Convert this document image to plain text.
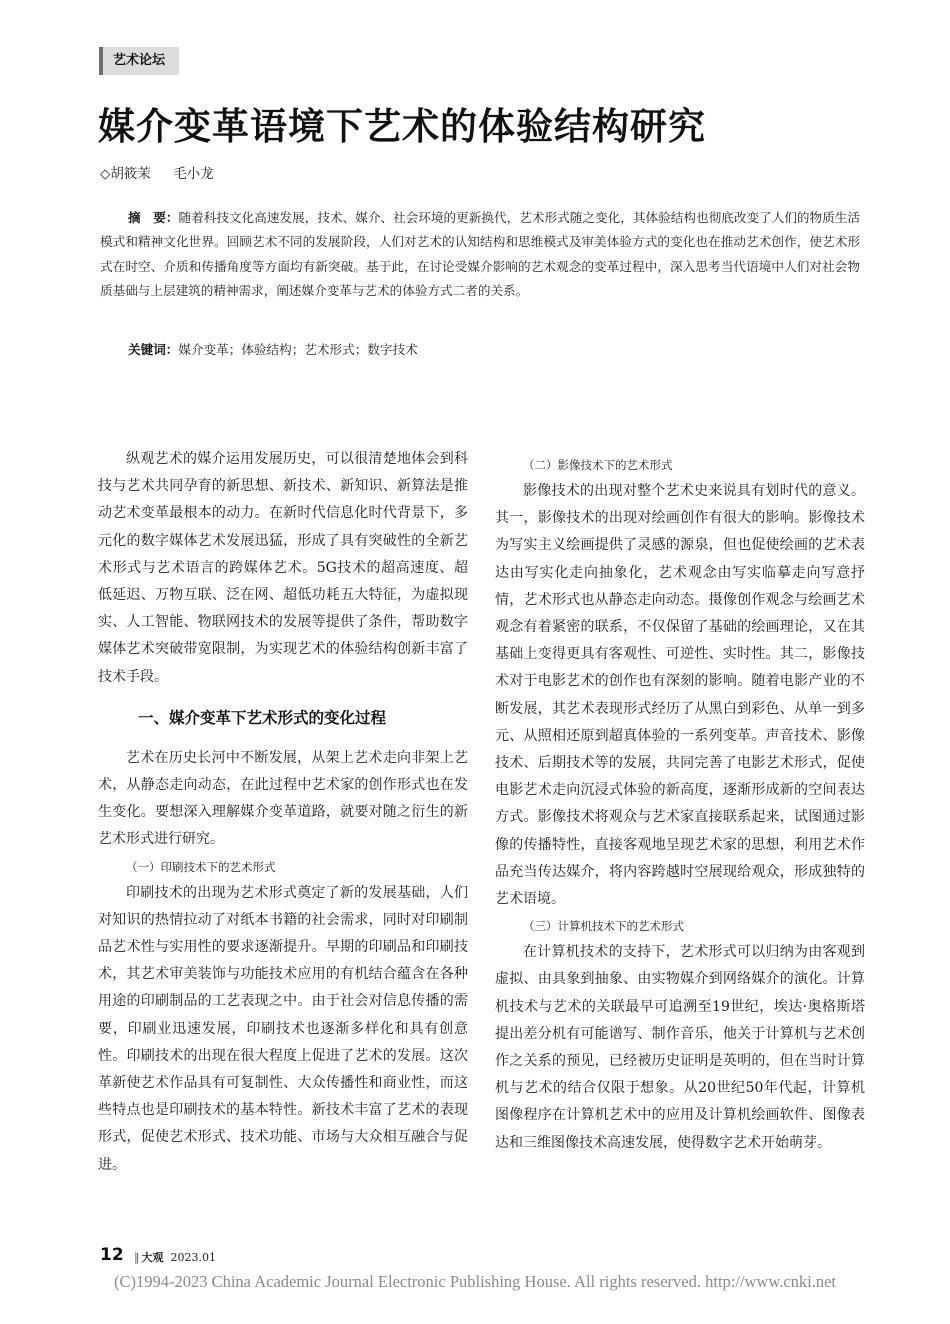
艺术论坛
媒介变革语境下艺术的体验结构研究
◇胡筱茉 毛小龙
摘　要：随着科技文化高速发展，技术、媒介、社会环境的更新换代，艺术形式随之变化，其体验结构也彻底改变了人们的物质生活模式和精神文化世界。回顾艺术不同的发展阶段，人们对艺术的认知结构和思维模式及审美体验方式的变化也在推动艺术创作，使艺术形式在时空、介质和传播角度等方面均有新突破。基于此，在讨论受媒介影响的艺术观念的变革过程中，深入思考当代语境中人们对社会物质基础与上层建筑的精神需求，阐述媒介变革与艺术的体验方式二者的关系。
关键词：媒介变革；体验结构；艺术形式；数字技术

纵观艺术的媒介运用发展历史，可以很清楚地体会到科技与艺术共同孕育的新思想、新技术、新知识、新算法是推动艺术变革最根本的动力。在新时代信息化时代背景下，多元化的数字媒体艺术发展迅猛，形成了具有突破性的全新艺术形式与艺术语言的跨媒体艺术。5G技术的超高速度、超低延迟、万物互联、泛在网、超低功耗五大特征，为虚拟现实、人工智能、物联网技术的发展等提供了条件，帮助数字媒体艺术突破带宽限制，为实现艺术的体验结构创新丰富了技术手段。

一、媒介变革下艺术形式的变化过程

艺术在历史长河中不断发展，从架上艺术走向非架上艺术，从静态走向动态，在此过程中艺术家的创作形式也在发生变化。要想深入理解媒介变革道路，就要对随之衍生的新艺术形式进行研究。

（一）印刷技术下的艺术形式

印刷技术的出现为艺术形式奠定了新的发展基础，人们对知识的热情拉动了对纸本书籍的社会需求，同时对印刷制品艺术性与实用性的要求逐渐提升。早期的印刷品和印刷技术，其艺术审美装饰与功能技术应用的有机结合蕴含在各种用途的印刷制品的工艺表现之中。由于社会对信息传播的需要，印刷业迅速发展，印刷技术也逐渐多样化和具有创意性。印刷技术的出现在很大程度上促进了艺术的发展。这次革新使艺术作品具有可复制性、大众传播性和商业性，而这些特点也是印刷技术的基本特性。新技术丰富了艺术的表现形式，促使艺术形式、技术功能、市场与大众相互融合与促进。

（二）影像技术下的艺术形式

影像技术的出现对整个艺术史来说具有划时代的意义。其一，影像技术的出现对绘画创作有很大的影响。影像技术为写实主义绘画提供了灵感的源泉，但也促使绘画的艺术表达由写实化走向抽象化，艺术观念由写实临摹走向写意抒情，艺术形式也从静态走向动态。摄像创作观念与绘画艺术观念有着紧密的联系，不仅保留了基础的绘画理论，又在其基础上变得更具有客观性、可逆性、实时性。其二，影像技术对于电影艺术的创作也有深刻的影响。随着电影产业的不断发展，其艺术表现形式经历了从黑白到彩色、从单一到多元、从照相还原到超真体验的一系列变革。声音技术、影像技术、后期技术等的发展，共同完善了电影艺术形式，促使电影艺术走向沉浸式体验的新高度，逐渐形成新的空间表达方式。影像技术将观众与艺术家直接联系起来，试图通过影像的传播特性，直接客观地呈现艺术家的思想，利用艺术作品充当传达媒介，将内容跨越时空展现给观众，形成独特的艺术语境。

（三）计算机技术下的艺术形式

在计算机技术的支持下，艺术形式可以归纳为由客观到虚拟、由具象到抽象、由实物媒介到网络媒介的演化。计算机技术与艺术的关联最早可追溯至19世纪，埃达·奥格斯塔提出差分机有可能谱写、制作音乐，他关于计算机与艺术创作之关系的预见，已经被历史证明是英明的，但在当时计算机与艺术的结合仅限于想象。从20世纪50年代起，计算机图像程序在计算机艺术中的应用及计算机绘画软件、图像表达和三维图像技术高速发展，使得数字艺术开始萌芽。

12 ‖ 大观 2023.01
(C)1994-2023 China Academic Journal Electronic Publishing House. All rights reserved. http://www.cnki.net
